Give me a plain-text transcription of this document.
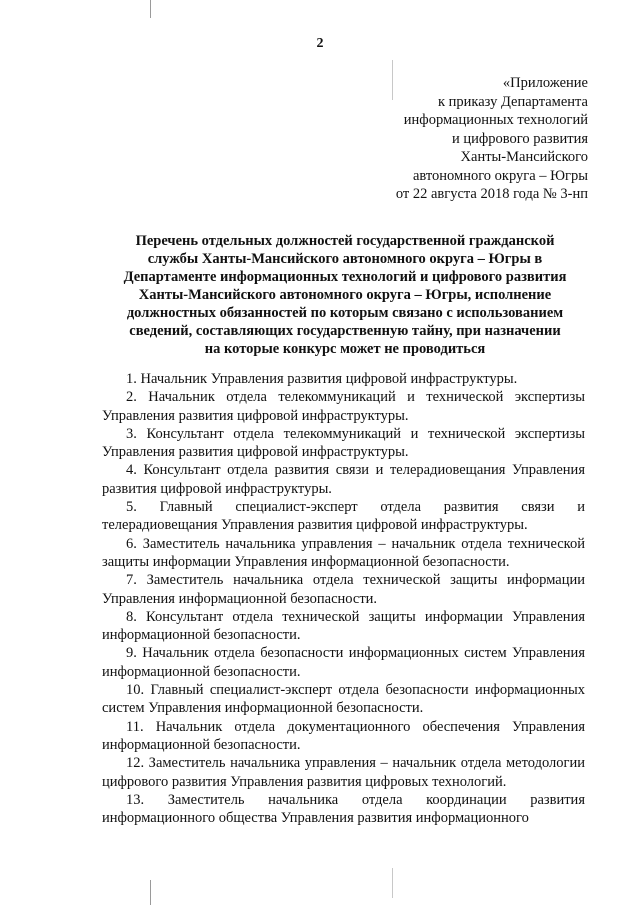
2
«Приложение
к приказу Департамента
информационных технологий
и цифрового развития
Ханты-Мансийского
автономного округа – Югры
от 22 августа 2018 года № 3-нп
Перечень отдельных должностей государственной гражданской
службы Ханты-Мансийского автономного округа – Югры в
Департаменте информационных технологий и цифрового развития
Ханты-Мансийского автономного округа – Югры, исполнение
должностных обязанностей по которым связано с использованием
сведений, составляющих государственную тайну, при назначении
на которые конкурс может не проводиться

1. Начальник Управления развития цифровой инфраструктуры.

2. Начальник отдела телекоммуникаций и технической экспертизы Управления развития цифровой инфраструктуры.

3. Консультант отдела телекоммуникаций и технической экспертизы Управления развития цифровой инфраструктуры.

4. Консультант отдела развития связи и телерадиовещания Управления развития цифровой инфраструктуры.

5. Главный специалист-эксперт отдела развития связи и телерадиовещания Управления развития цифровой инфраструктуры.

6. Заместитель начальника управления – начальник отдела технической защиты информации Управления информационной безопасности.

7. Заместитель начальника отдела технической защиты информации Управления информационной безопасности.

8. Консультант отдела технической защиты информации Управления информационной безопасности.

9. Начальник отдела безопасности информационных систем Управления информационной безопасности.

10. Главный специалист-эксперт отдела безопасности информационных систем Управления информационной безопасности.

11. Начальник отдела документационного обеспечения Управления информационной безопасности.

12. Заместитель начальника управления – начальник отдела методологии цифрового развития Управления развития цифровых технологий.

13. Заместитель начальника отдела координации развития информационного общества Управления развития информационного
